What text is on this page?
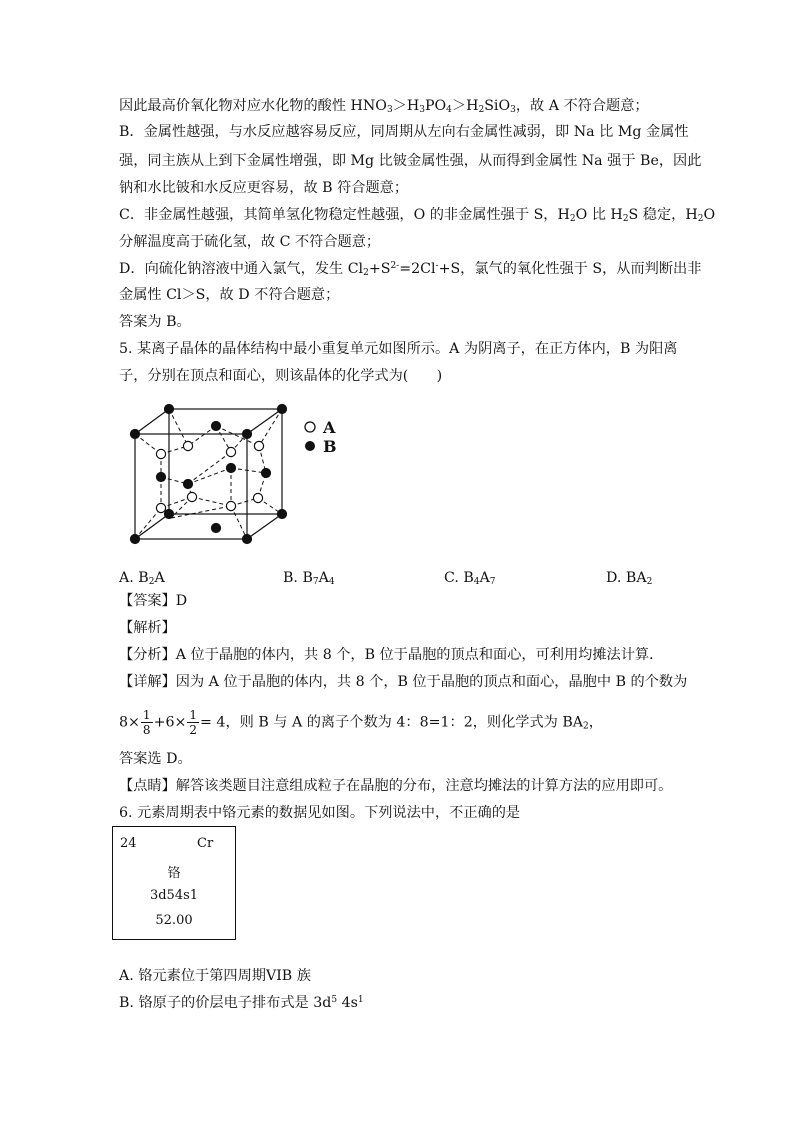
因此最高价氧化物对应水化物的酸性 $HNO_3>H_3PO_4>H_2SiO_3$，故 A 不符合题意；
B．金属性越强，与水反应越容易反应，同周期从左向右金属性减弱，即 Na 比 Mg 金属性
强，同主族从上到下金属性增强，即 Mg 比铍金属性强，从而得到金属性 Na 强于 Be，因此
钠和水比铍和水反应更容易，故 B 符合题意；
C．非金属性越强，其简单氢化物稳定性越强，O 的非金属性强于 S，$H_2O$ 比 $H_2S$ 稳定，$H_2O$
分解温度高于硫化氢，故 C 不符合题意；
D．向硫化钠溶液中通入氯气，发生 $Cl_2+S^{2-}=2Cl^-+S$，氯气的氧化性强于 S，从而判断出非
金属性 Cl＞S，故 D 不符合题意；
答案为 B。
5. 某离子晶体的晶体结构中最小重复单元如图所示。A 为阴离子，在正方体内，B 为阳离
子，分别在顶点和面心，则该晶体的化学式为(　　)
A
B
A. $B_2A$	B. $B_7A_4$	C. $B_4A_7$	D. $BA_2$
【答案】D
【解析】
【分析】A 位于晶胞的体内，共 8 个，B 位于晶胞的顶点和面心，可利用均摊法计算．
【详解】因为 A 位于晶胞的体内，共 8 个，B 位于晶胞的顶点和面心，晶胞中 B 的个数为
$8\times \frac{1}{8} +6\times \frac{1}{2} = 4$，则 B 与 A 的离子个数为 4：8=1：2，则化学式为 $BA_2$，
答案选 D。
【点睛】解答该类题目注意组成粒子在晶胞的分布，注意均摊法的计算方法的应用即可。
6. 元素周期表中铬元素的数据见如图。下列说法中，不正确的是
24	Cr
铬
3d54s1
52.00
A. 铬元素位于第四周期VIB 族
B. 铬原子的价层电子排布式是 $3d^5$ $4s^1$
